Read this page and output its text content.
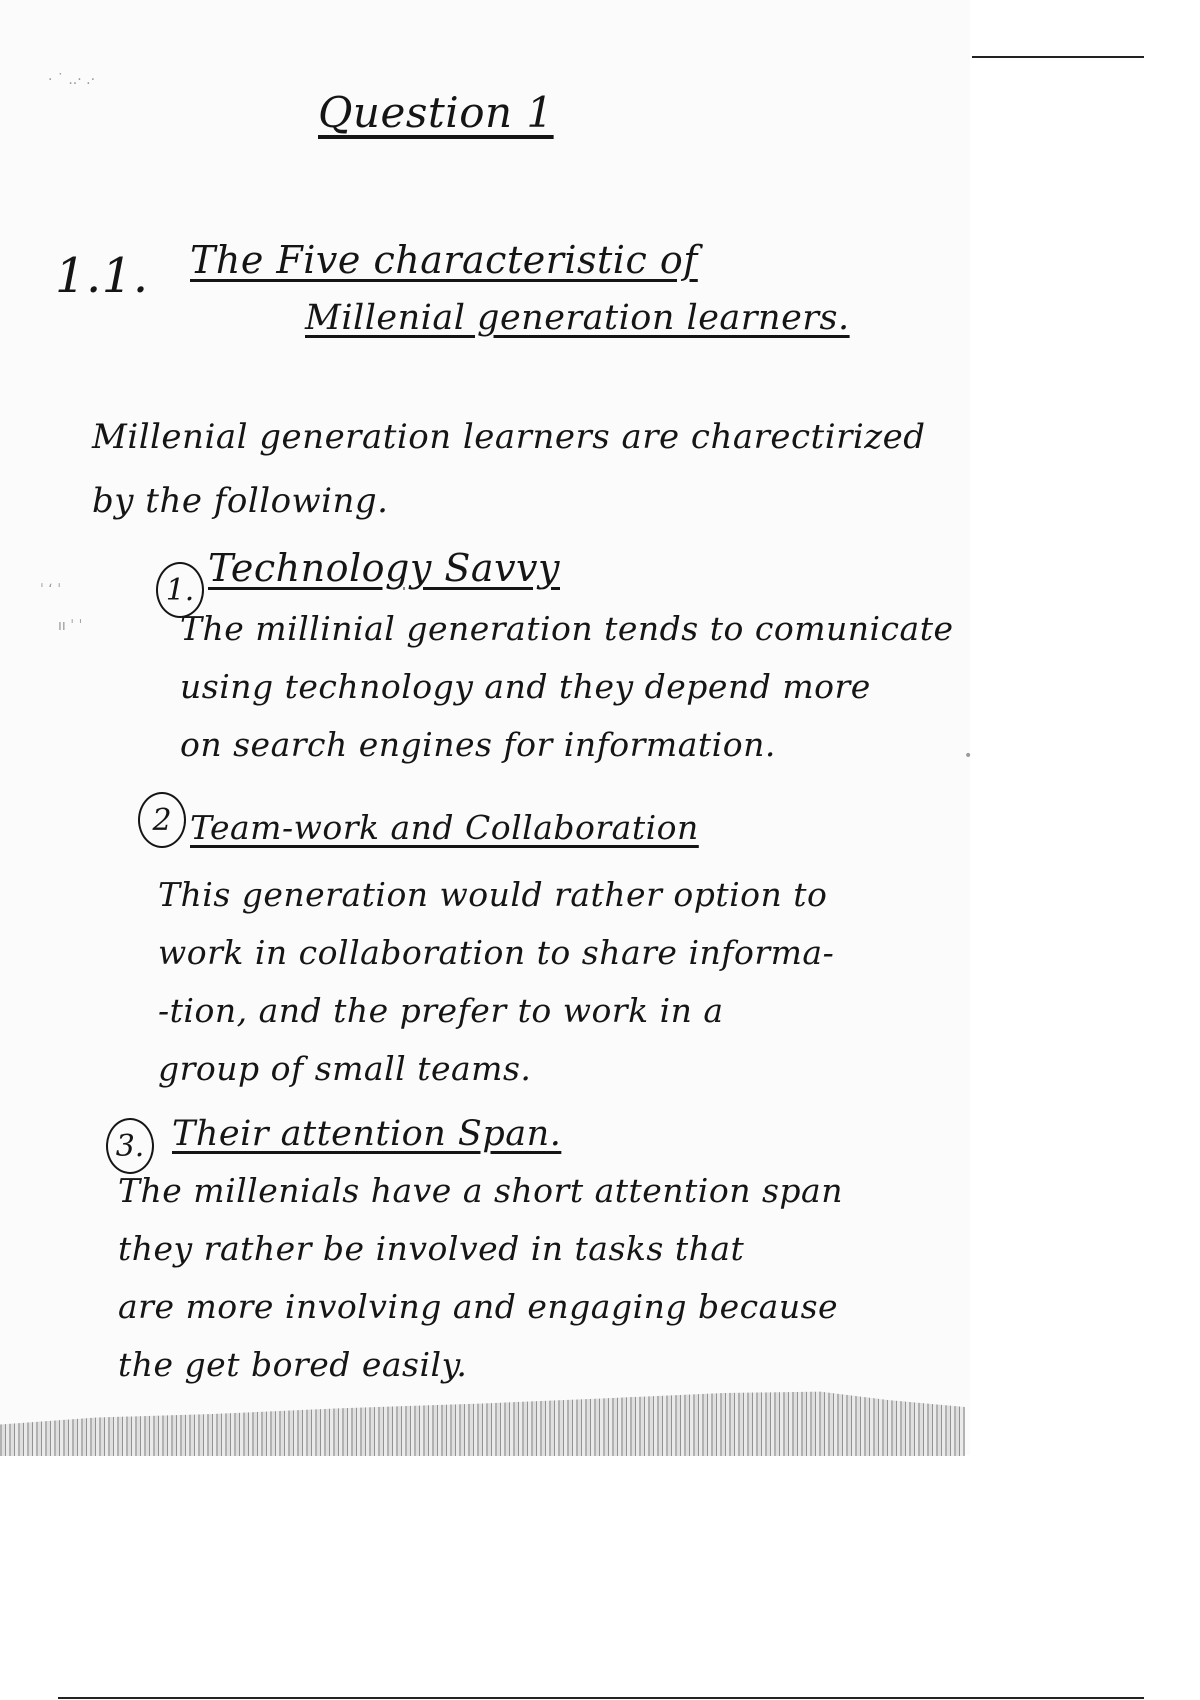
· ˙ ..· .·
ˈ ʻ ˈ
ıı ˈ ˈ
•
Question 1
1.1. The Five characteristic of
Millenial generation learners.
Millenial generation learners are charectirized
by the following.
1. Technology Savvy
The millinial generation tends to comunicate
using technology and they depend more
on search engines for information.
2 Team-work and Collaboration
This generation would rather option to
work in collaboration to share informa-
-tion, and the prefer to work in a
group of small teams.
3. Their attention Span.
The millenials have a short attention span
they rather be involved in tasks that
are more involving and engaging because
the get bored easily.
